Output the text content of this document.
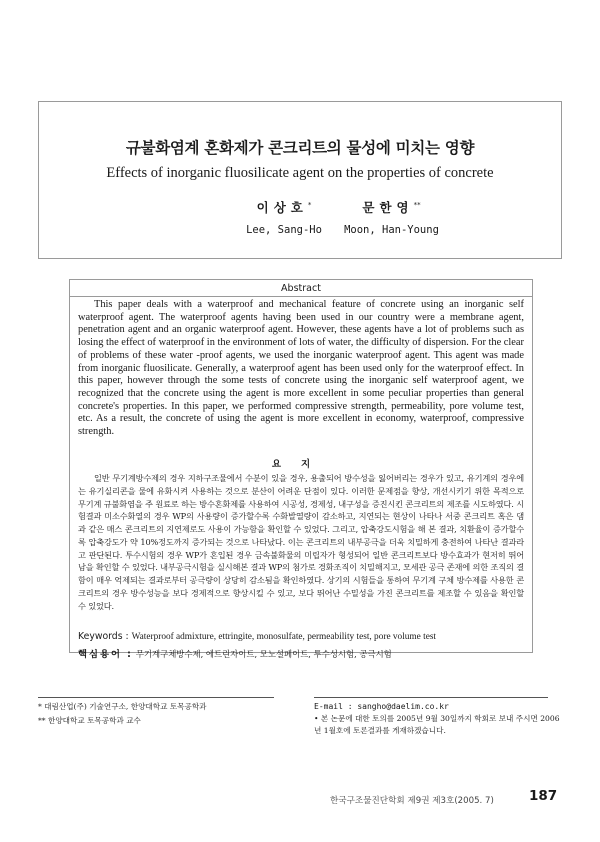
규불화염계 혼화제가 콘크리트의 물성에 미치는 영향
Effects of inorganic fluosilicate agent on the properties of concrete
이상호*
Lee, Sang-Ho
문한영**
Moon, Han-Young
Abstract
This paper deals with a waterproof and mechanical feature of concrete using an inorganic self waterproof agent. The waterproof agents having been used in our country were a membrane agent, penetration agent and an organic waterproof agent. However, these agents have a lot of problems such as losing the effect of waterproof in the environment of lots of water, the difficulty of dispersion. For the clear of problems of these water -proof agents, we used the inorganic waterproof agent. This agent was made from inorganic fluosilicate. Generally, a waterproof agent has been used only for the waterproof effect. In this paper, however through the some tests of concrete using the inorganic self waterproof agent, we recognized that the concrete using the agent is more excellent in some peculiar properties than general concrete's properties. In this paper, we performed compressive strength, permeability, pore volume test, etc. As a result, the concrete of using the agent is more excellent in economy, waterproof, compressive strength.
요지
일반 무기계방수제의 경우 지하구조물에서 수분이 있을 경우, 용출되어 방수성을 잃어버리는 경우가 있고, 유기계의 경우에는 유기실리콘을 물에 유화시켜 사용하는 것으로 분산이 어려운 단점이 있다. 이러한 문제점을 향상, 개선시키기 위한 목적으로 무기계 규불화염을 주 원료로 하는 방수혼화제를 사용하여 시공성, 경제성, 내구성을 증진시킨 콘크리트의 제조를 시도하였다. 시험결과 미소수화열의 경우 WP의 사용량이 증가할수록 수화발열량이 감소하고, 지연되는 현상이 나타나 서중 콘크리트 혹은 댐과 같은 매스 콘크리트의 지연제로도 사용이 가능함을 확인할 수 있었다. 그리고, 압축강도시험을 해 본 결과, 치환율이 증가할수록 압축강도가 약 10%정도까지 증가되는 것으로 나타났다. 이는 콘크리트의 내부공극을 더욱 치밀하게 충전하여 나타난 결과라고 판단된다. 투수시험의 경우 WP가 혼입된 경우 금속불화물의 미립자가 형성되어 일반 콘크리트보다 방수효과가 현저히 뛰어남을 확인할 수 있었다. 내부공극시험을 실시해본 결과 WP의 첨가로 경화조직이 치밀해지고, 모세관 공극 존재에 의한 조직의 결함이 매우 억제되는 결과로부터 공극량이 상당히 감소됨을 확인하였다. 상기의 시험들을 통하여 무기계 구체 방수제를 사용한 콘크리트의 경우 방수성능을 보다 경제적으로 향상시킬 수 있고, 보다 뛰어난 수밀성을 가진 콘크리트를 제조할 수 있음을 확인할 수 있었다.
Keywords : Waterproof admixture, ettringite, monosulfate, permeability test, pore volume test
핵심용어 : 무기계구체방수제, 에트린자이트, 모노설페이트, 투수성시험, 공극시험
* 대림산업(주) 기술연구소, 한양대학교 토목공학과
** 한양대학교 토목공학과 교수
E-mail : sangho@daelim.co.kr
• 본 논문에 대한 토의를 2005년 9월 30일까지 학회로 보내 주시면 2006년 1월호에 토론결과를 게재하겠습니다.
한국구조물진단학회 제9권 제3호(2005. 7)	187
